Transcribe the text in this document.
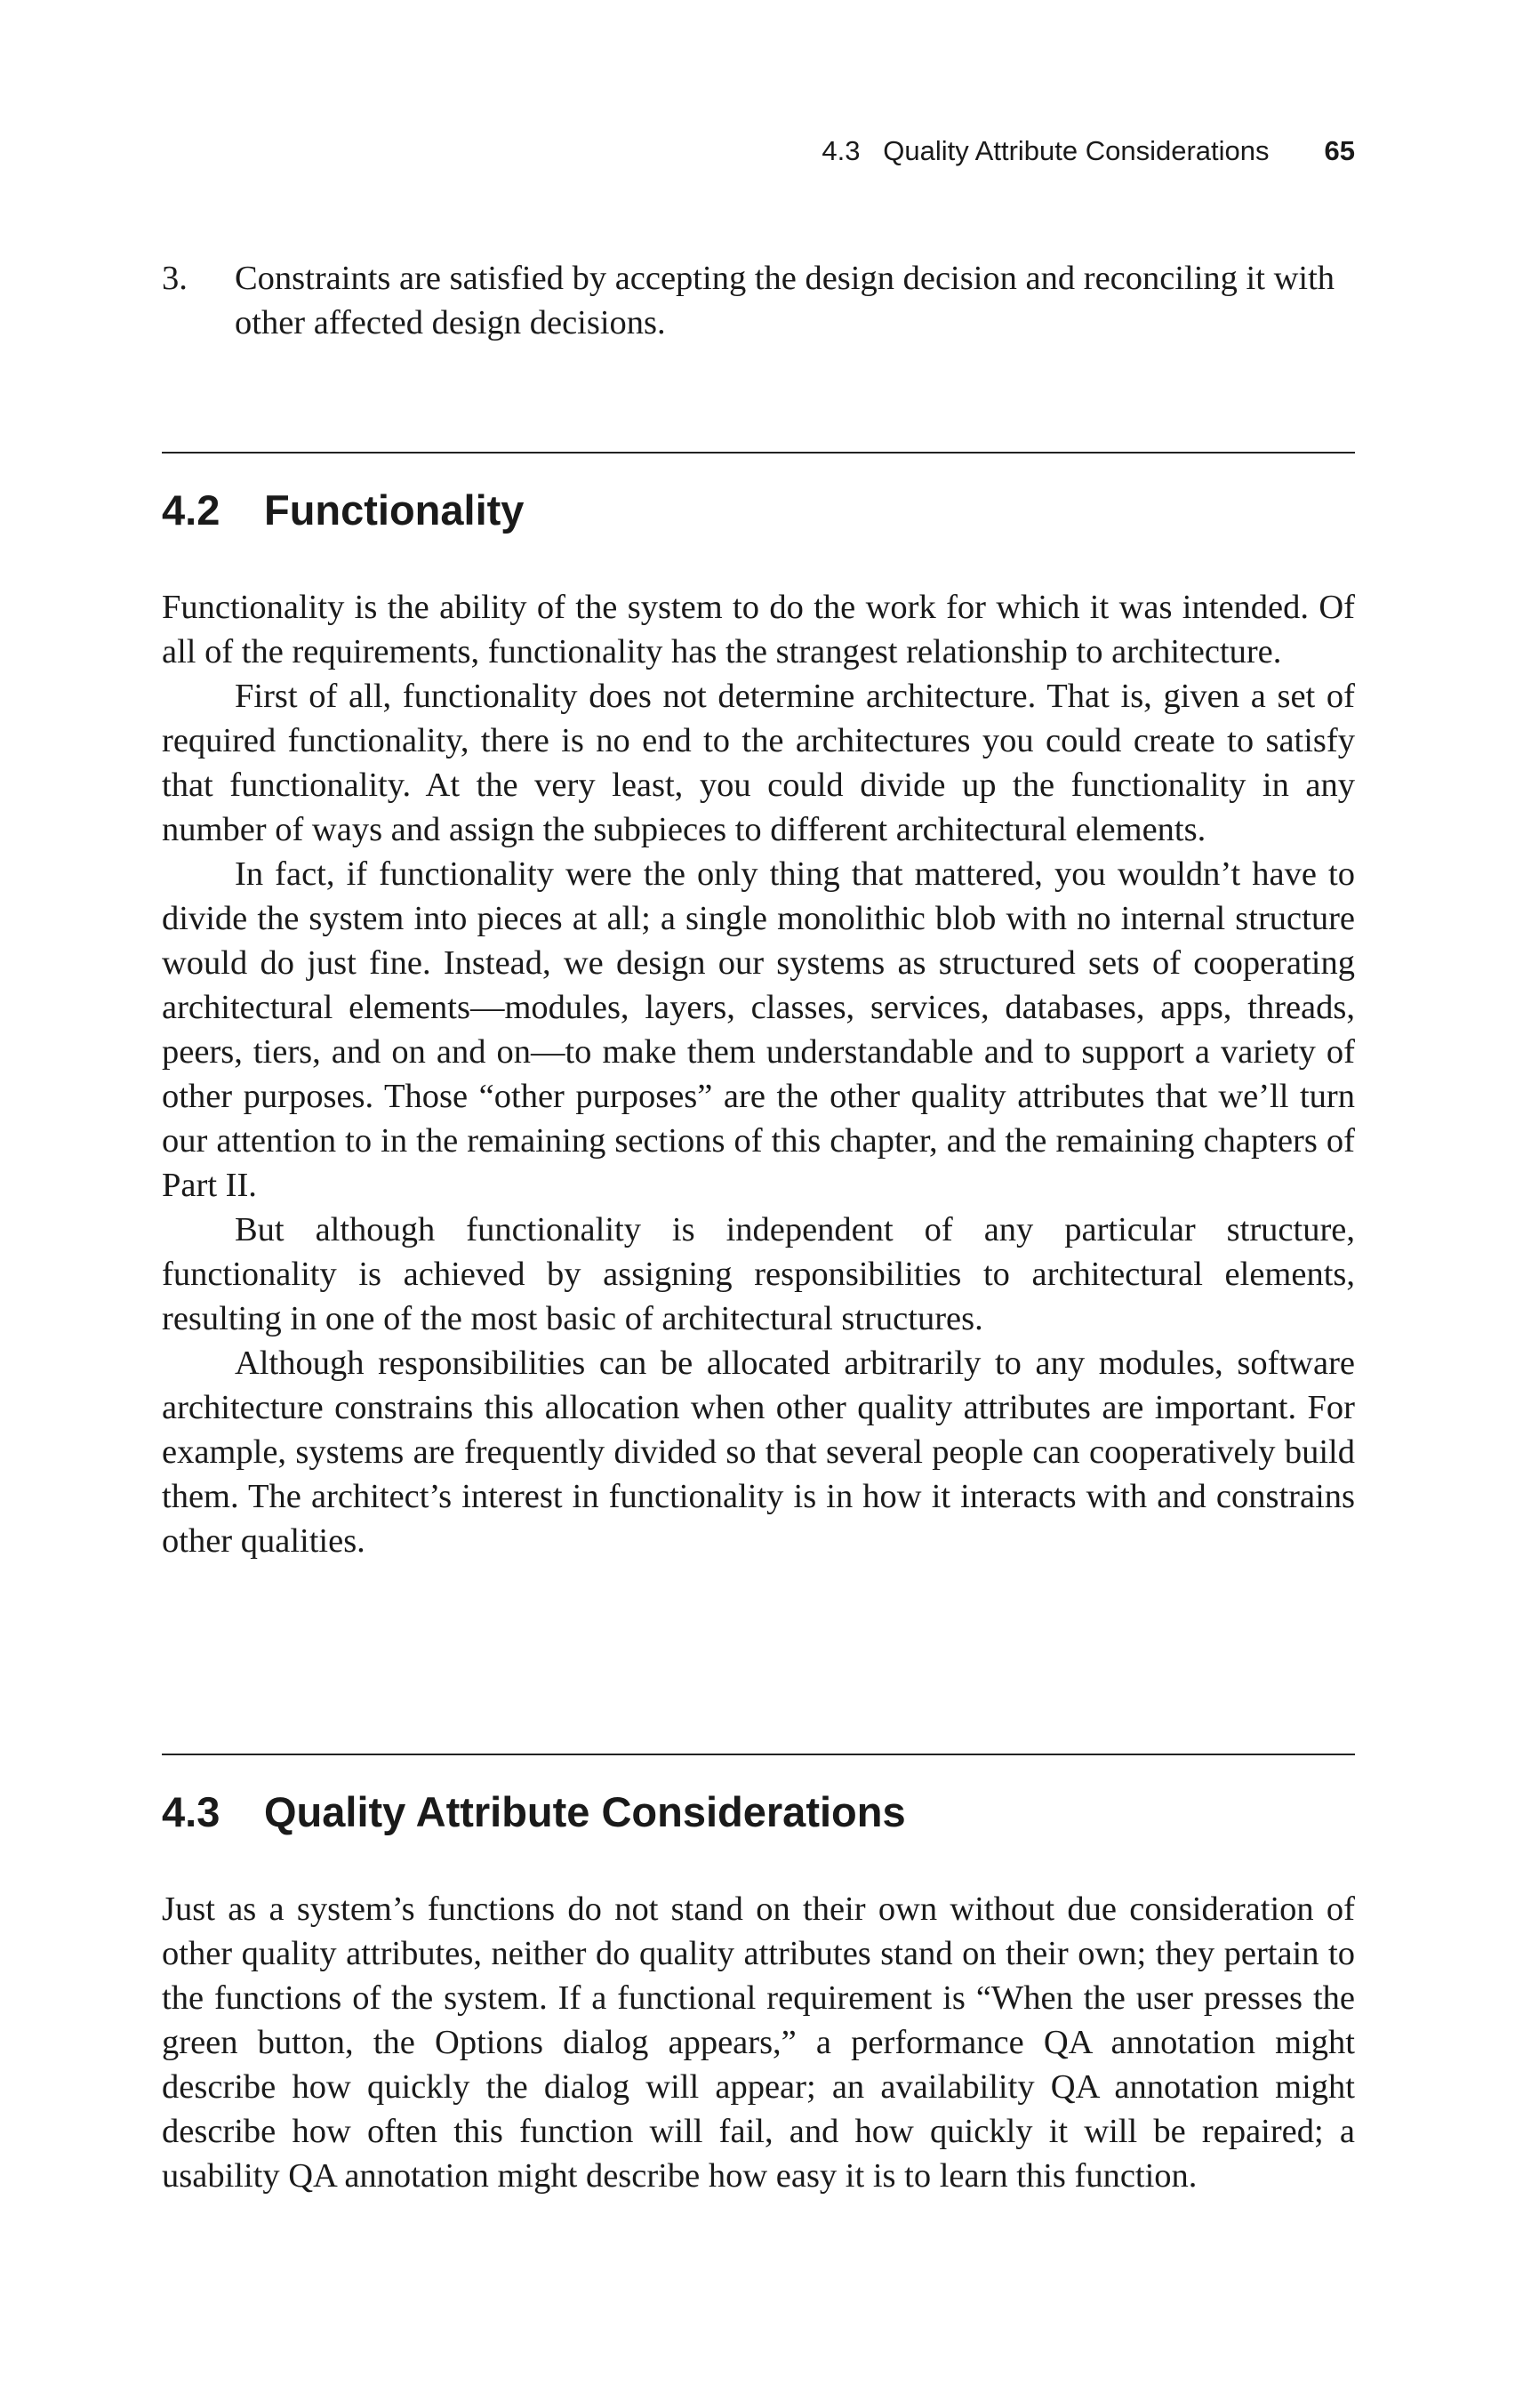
4.3   Quality Attribute Considerations 65
3. Constraints are satisfied by accepting the design decision and reconciling it with other affected design decisions.
4.2 Functionality

Functionality is the ability of the system to do the work for which it was intended. Of all of the requirements, functionality has the strangest relationship to architecture.

First of all, functionality does not determine architecture. That is, given a set of required functionality, there is no end to the architectures you could create to satisfy that functionality. At the very least, you could divide up the functionality in any number of ways and assign the subpieces to different architectural elements.

In fact, if functionality were the only thing that mattered, you wouldn’t have to divide the system into pieces at all; a single monolithic blob with no internal structure would do just fine. Instead, we design our systems as structured sets of cooperating architectural elements—modules, layers, classes, services, databases, apps, threads, peers, tiers, and on and on—to make them understandable and to support a variety of other purposes. Those “other purposes” are the other quality attributes that we’ll turn our attention to in the remaining sections of this chapter, and the remaining chapters of Part II.

But although functionality is independent of any particular structure, functionality is achieved by assigning responsibilities to architectural elements, resulting in one of the most basic of architectural structures.

Although responsibilities can be allocated arbitrarily to any modules, software architecture constrains this allocation when other quality attributes are important. For example, systems are frequently divided so that several people can cooperatively build them. The architect’s interest in functionality is in how it interacts with and constrains other qualities.

4.3 Quality Attribute Considerations

Just as a system’s functions do not stand on their own without due consideration of other quality attributes, neither do quality attributes stand on their own; they pertain to the functions of the system. If a functional requirement is “When the user presses the green button, the Options dialog appears,” a performance QA annotation might describe how quickly the dialog will appear; an availability QA annotation might describe how often this function will fail, and how quickly it will be repaired; a usability QA annotation might describe how easy it is to learn this function.
